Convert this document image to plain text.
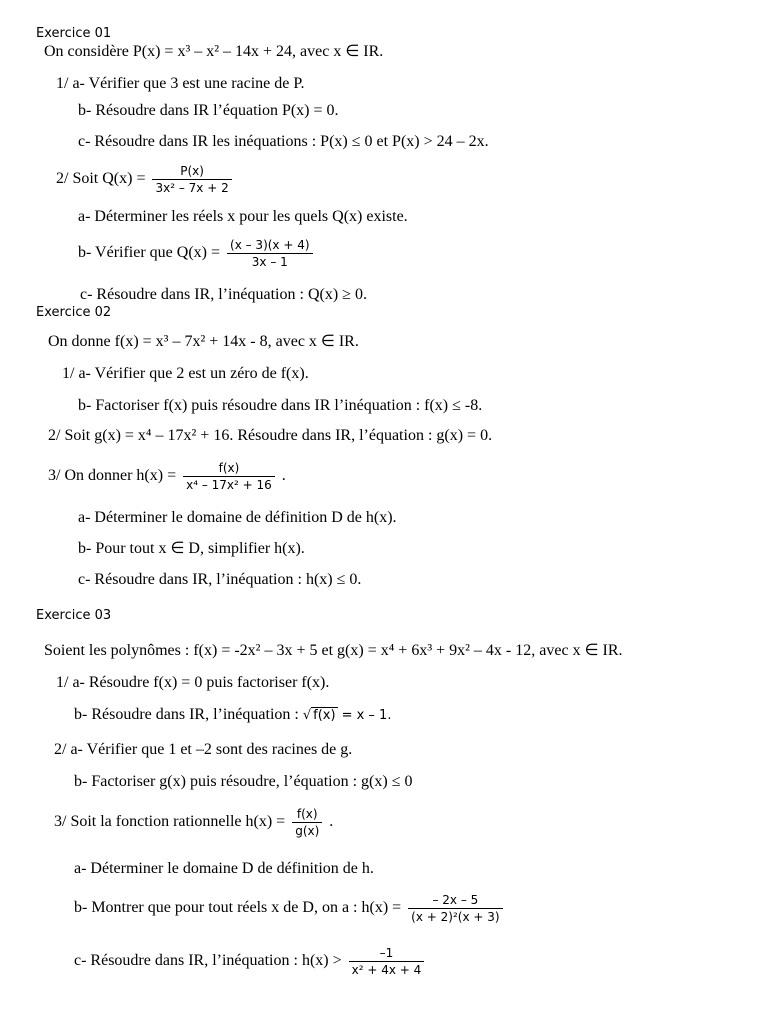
Exercice 01
On considère P(x) = x³ – x² – 14x + 24, avec x ∈ IR.
1/ a- Vérifier que 3 est une racine de P.
b- Résoudre dans IR l’équation P(x) = 0.
c- Résoudre dans IR les inéquations : P(x) ≤ 0 et P(x) > 24 – 2x.
2/ Soit $Q(x) = \frac{P(x)}{\text{3x² – 7x + 2}}$
a- Déterminer les réels x pour les quels Q(x) existe.
b- Vérifier que $Q(x) = \frac{(x - 3)(x + 4)}{3x - 1}$
c- Résoudre dans IR, l’inéquation : Q(x) ≥ 0.
Exercice 02
On donne f(x) = x³ – 7x² + 14x - 8, avec x ∈ IR.
1/ a- Vérifier que 2 est un zéro de f(x).
b- Factoriser f(x) puis résoudre dans IR l’inéquation : f(x) ≤ -8.
2/ Soit g(x) = x⁴ – 17x² + 16. Résoudre dans IR, l’équation : g(x) = 0.
3/ On donner $h(x) = \frac{f(x)}{\text{x⁴ – 17x² + 16}}$ .
a- Déterminer le domaine de définition D de h(x).
b- Pour tout x ∈ D, simplifier h(x).
c- Résoudre dans IR, l’inéquation : h(x) ≤ 0.
Exercice 03
Soient les polynômes : f(x) = -2x² – 3x + 5 et g(x) = x⁴ + 6x³ + 9x² – 4x - 12, avec x ∈ IR.
1/ a- Résoudre f(x) = 0 puis factoriser f(x).
b- Résoudre dans IR, l’inéquation : √ f(x) = x – 1.
2/ a- Vérifier que 1 et –2 sont des racines de g.
b- Factoriser g(x) puis résoudre, l’équation : g(x) ≤ 0
3/ Soit la fonction rationnelle $h(x) = \frac{f(x)}{g(x)}$ .
a- Déterminer le domaine D de définition de h.
b- Montrer que pour tout réels x de D, on a : $h(x) = \frac{- 2x - 5}{\text{(x + 2)²(x + 3)}}$
c- Résoudre dans IR, l’inéquation : $h(x) > \frac{-1}{\text{x² + 4x + 4}}$
